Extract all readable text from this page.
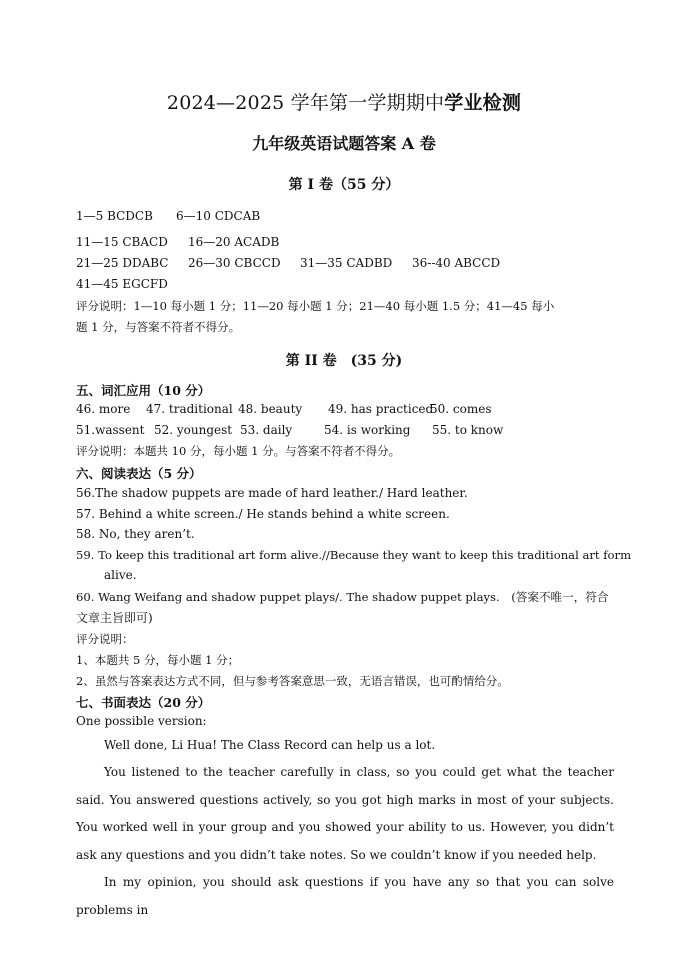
2024—2025 学年第一学期期中学业检测
九年级英语试题答案 A 卷
第 I 卷（55 分）
1—5 BCDCB 6—10 CDCAB
11—15 CBACD 16—20 ACADB
21—25 DDABC 26—30 CBCCD 31—35 CADBD 36--40 ABCCD
41—45 EGCFD
评分说明：1—10 每小题 1 分；11—20 每小题 1 分；21—40 每小题 1.5 分；41—45 每小
题 1 分，与答案不符者不得分。
第 II 卷　(35 分)
五、词汇应用（10 分）
46. more 47. traditional 48. beauty 49. has practiced50. comes
51.wassent 52. youngest 53. daily	54. is working 55. to know
评分说明：本题共 10 分，每小题 1 分。与答案不符者不得分。
六、阅读表达（5 分）
56.The shadow puppets are made of hard leather./ Hard leather.
57. Behind a white screen./ He stands behind a white screen.
58. No, they aren’t.
59. To keep this traditional art form alive.//Because they want to keep this traditional art form
alive.
60. Wang Weifang and shadow puppet plays/. The shadow puppet plays.　(答案不唯一，符合
文章主旨即可)
评分说明：
1、本题共 5 分，每小题 1 分；
2、虽然与答案表达方式不同，但与参考答案意思一致，无语言错误，也可酌情给分。
七、书面表达（20 分）
One possible version:
Well done, Li Hua! The Class Record can help us a lot.
You listened to the teacher carefully in class, so you could get what the teacher said. You answered questions actively, so you got high marks in most of your subjects. You worked well in your group and you showed your ability to us. However, you didn’t ask any questions and you didn’t take notes. So we couldn’t know if you needed help.
In my opinion, you should ask questions if you have any so that you can solve problems in
